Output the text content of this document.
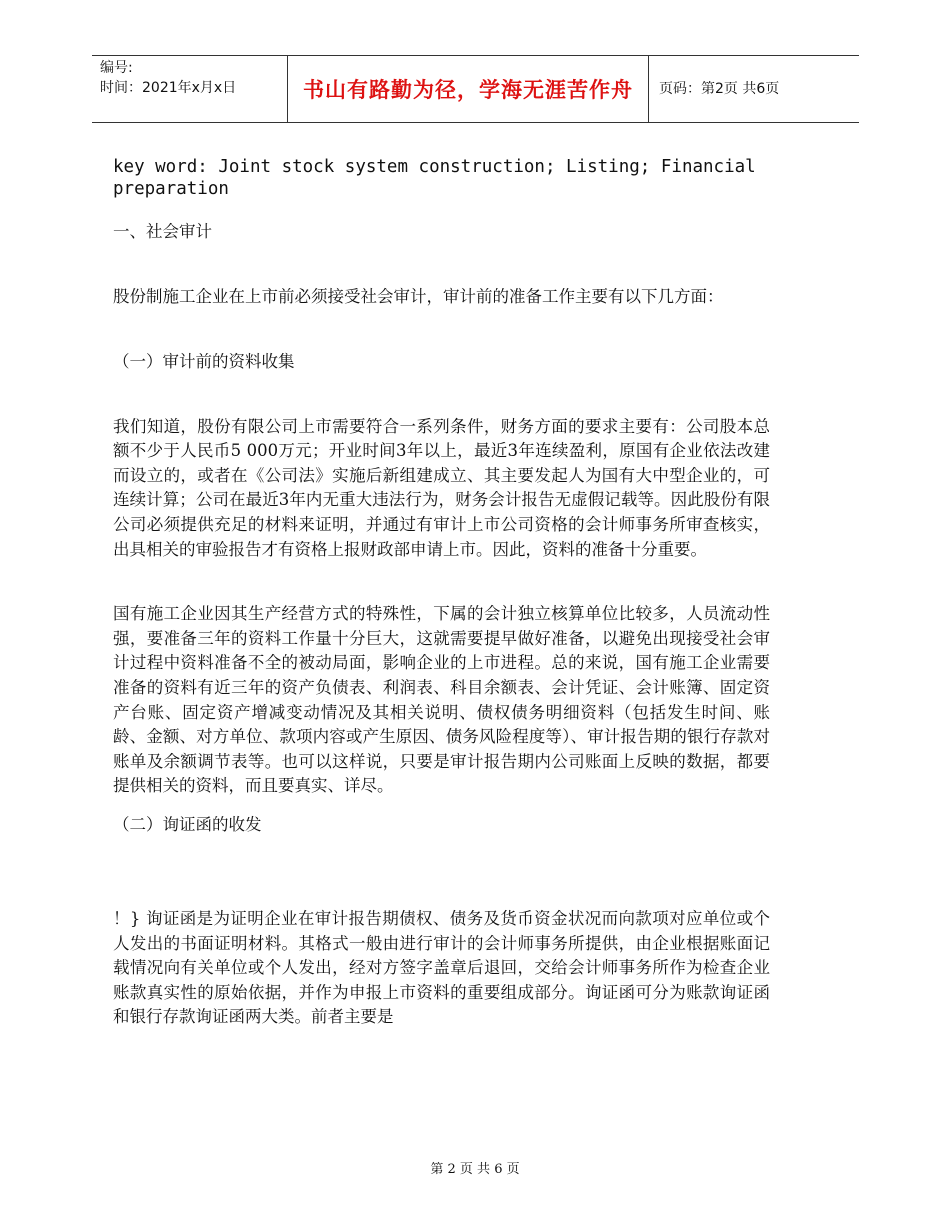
编号:
时间：2021年x月x日	书山有路勤为径，学海无涯苦作舟 页码：第2页 共6页

key word: Joint stock system construction; Listing; Financial preparation

一、社会审计

股份制施工企业在上市前必须接受社会审计，审计前的准备工作主要有以下几方面：

（一）审计前的资料收集

我们知道，股份有限公司上市需要符合一系列条件，财务方面的要求主要有：公司股本总额不少于人民币5 000万元；开业时间3年以上，最近3年连续盈利，原国有企业依法改建而设立的，或者在《公司法》实施后新组建成立、其主要发起人为国有大中型企业的，可连续计算；公司在最近3年内无重大违法行为，财务会计报告无虚假记载等。因此股份有限公司必须提供充足的材料来证明，并通过有审计上市公司资格的会计师事务所审查核实，出具相关的审验报告才有资格上报财政部申请上市。因此，资料的准备十分重要。

国有施工企业因其生产经营方式的特殊性，下属的会计独立核算单位比较多，人员流动性强，要准备三年的资料工作量十分巨大，这就需要提早做好准备，以避免出现接受社会审计过程中资料准备不全的被动局面，影响企业的上市进程。总的来说，国有施工企业需要准备的资料有近三年的资产负债表、利润表、科目余额表、会计凭证、会计账簿、固定资产台账、固定资产增减变动情况及其相关说明、债权债务明细资料（包括发生时间、账龄、金额、对方单位、款项内容或产生原因、债务风险程度等）、审计报告期的银行存款对账单及余额调节表等。也可以这样说，只要是审计报告期内公司账面上反映的数据，都要提供相关的资料，而且要真实、详尽。

（二）询证函的收发

！} 询证函是为证明企业在审计报告期债权、债务及货币资金状况而向款项对应单位或个人发出的书面证明材料。其格式一般由进行审计的会计师事务所提供，由企业根据账面记载情况向有关单位或个人发出，经对方签字盖章后退回，交给会计师事务所作为检查企业账款真实性的原始依据，并作为申报上市资料的重要组成部分。询证函可分为账款询证函和银行存款询证函两大类。前者主要是

第 2 页 共 6 页
